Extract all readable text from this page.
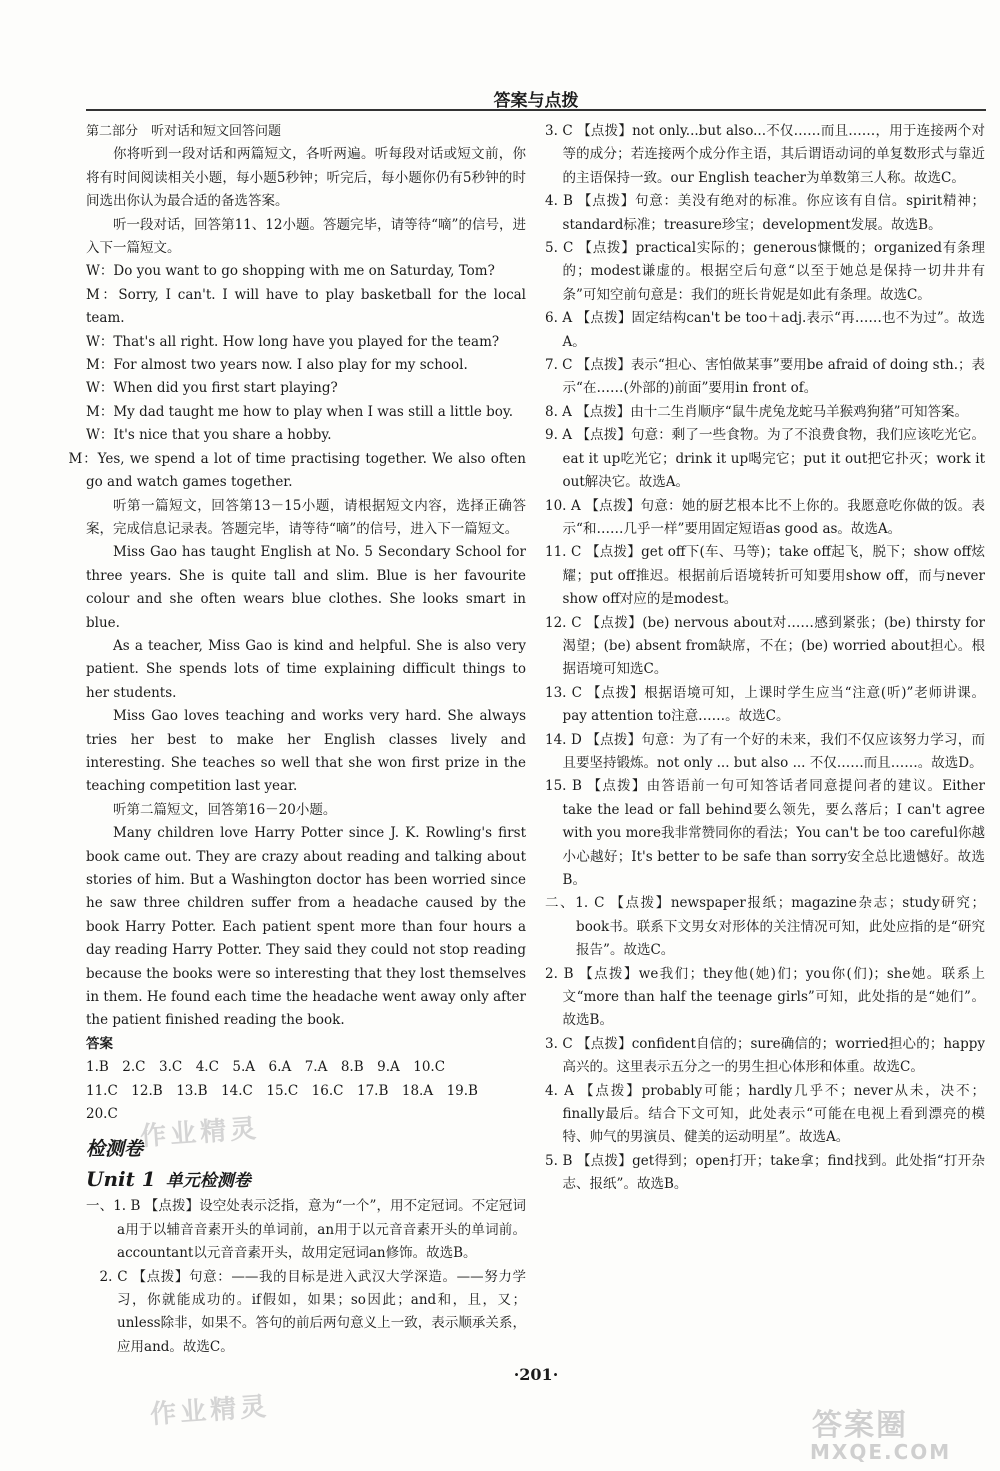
答案与点拨

第二部分　听对话和短文回答问题

你将听到一段对话和两篇短文，各听两遍。听每段对话或短文前，你将有时间阅读相关小题，每小题5秒钟；听完后，每小题你仍有5秒钟的时间选出你认为最合适的备选答案。

听一段对话，回答第11、12小题。答题完毕，请等待“嘀”的信号，进入下一篇短文。

W：Do you want to go shopping with me on Saturday, Tom?

M：Sorry, I can't. I will have to play basketball for the local team.

W：That's all right. How long have you played for the team?

M：For almost two years now. I also play for my school.

W：When did you first start playing?

M：My dad taught me how to play when I was still a little boy.

W：It's nice that you share a hobby.

M：Yes, we spend a lot of time practising together. We also often go and watch games together.

听第一篇短文，回答第13－15小题，请根据短文内容，选择正确答案，完成信息记录表。答题完毕，请等待“嘀”的信号，进入下一篇短文。

Miss Gao has taught English at No. 5 Secondary School for three years. She is quite tall and slim. Blue is her favourite colour and she often wears blue clothes. She looks smart in blue.

As a teacher, Miss Gao is kind and helpful. She is also very patient. She spends lots of time explaining difficult things to her students.

Miss Gao loves teaching and works very hard. She always tries her best to make her English classes lively and interesting. She teaches so well that she won first prize in the teaching competition last year.

听第二篇短文，回答第16－20小题。

Many children love Harry Potter since J. K. Rowling's first book came out. They are crazy about reading and talking about stories of him. But a Washington doctor has been worried since he saw three children suffer from a headache caused by the book Harry Potter. Each patient spent more than four hours a day reading Harry Potter. They said they could not stop reading because the books were so interesting that they lost themselves in them. He found each time the headache went away only after the patient finished reading the book.

答案

1.B　2.C　3.C　4.C　5.A　6.A　7.A　8.B　9.A　10.C

11.C　12.B　13.B　14.C　15.C　16.C　17.B　18.A　19.B

20.C

检测卷

Unit 1 单元检测卷

一、1. B 【点拨】设空处表示泛指，意为“一个”，用不定冠词。不定冠词a用于以辅音音素开头的单词前，an用于以元音音素开头的单词前。accountant以元音音素开头，故用定冠词an修饰。故选B。

2. C 【点拨】句意：——我的目标是进入武汉大学深造。——努力学习，你就能成功的。if假如，如果；so因此；and和，且，又；unless除非，如果不。答句的前后两句意义上一致，表示顺承关系，应用and。故选C。

3. C 【点拨】not only...but also...不仅……而且……，用于连接两个对等的成分；若连接两个成分作主语，其后谓语动词的单复数形式与靠近的主语保持一致。our English teacher为单数第三人称。故选C。

4. B 【点拨】句意：美没有绝对的标准。你应该有自信。spirit精神；standard标准；treasure珍宝；development发展。故选B。

5. C 【点拨】practical实际的；generous慷慨的；organized有条理的；modest谦虚的。根据空后句意“以至于她总是保持一切井井有条”可知空前句意是：我们的班长肯妮是如此有条理。故选C。

6. A 【点拨】固定结构can't be too＋adj.表示“再……也不为过”。故选A。

7. C 【点拨】表示“担心、害怕做某事”要用be afraid of doing sth.；表示“在……(外部的)前面”要用in front of。

8. A 【点拨】由十二生肖顺序“鼠牛虎兔龙蛇马羊猴鸡狗猪”可知答案。

9. A 【点拨】句意：剩了一些食物。为了不浪费食物，我们应该吃光它。eat it up吃光它；drink it up喝完它；put it out把它扑灭；work it out解决它。故选A。

10. A 【点拨】句意：她的厨艺根本比不上你的。我愿意吃你做的饭。表示“和……几乎一样”要用固定短语as good as。故选A。

11. C 【点拨】get off下(车、马等)；take off起飞，脱下；show off炫耀；put off推迟。根据前后语境转折可知要用show off，而与never show off对应的是modest。

12. C 【点拨】(be) nervous about对……感到紧张；(be) thirsty for渴望；(be) absent from缺席，不在；(be) worried about担心。根据语境可知选C。

13. C 【点拨】根据语境可知，上课时学生应当“注意(听)”老师讲课。pay attention to注意……。故选C。

14. D 【点拨】句意：为了有一个好的未来，我们不仅应该努力学习，而且要坚持锻炼。not only ... but also ... 不仅……而且……。故选D。

15. B 【点拨】由答语前一句可知答话者同意提问者的建议。Either take the lead or fall behind要么领先，要么落后；I can't agree with you more我非常赞同你的看法；You can't be too careful你越小心越好；It's better to be safe than sorry安全总比遗憾好。故选B。

二、1. C 【点拨】newspaper报纸；magazine杂志；study研究；book书。联系下文男女对形体的关注情况可知，此处应指的是“研究报告”。故选C。

2. B 【点拨】we我们；they他(她)们；you你(们)；she她。联系上文“more than half the teenage girls”可知，此处指的是“她们”。故选B。

3. C 【点拨】confident自信的；sure确信的；worried担心的；happy高兴的。这里表示五分之一的男生担心体形和体重。故选C。

4. A 【点拨】probably可能；hardly几乎不；never从未，决不；finally最后。结合下文可知，此处表示“可能在电视上看到漂亮的模特、帅气的男演员、健美的运动明星”。故选A。

5. B 【点拨】get得到；open打开；take拿；find找到。此处指“打开杂志、报纸”。故选B。

·201·
作业精灵
作业精灵	答案圈
MXQE.COM
